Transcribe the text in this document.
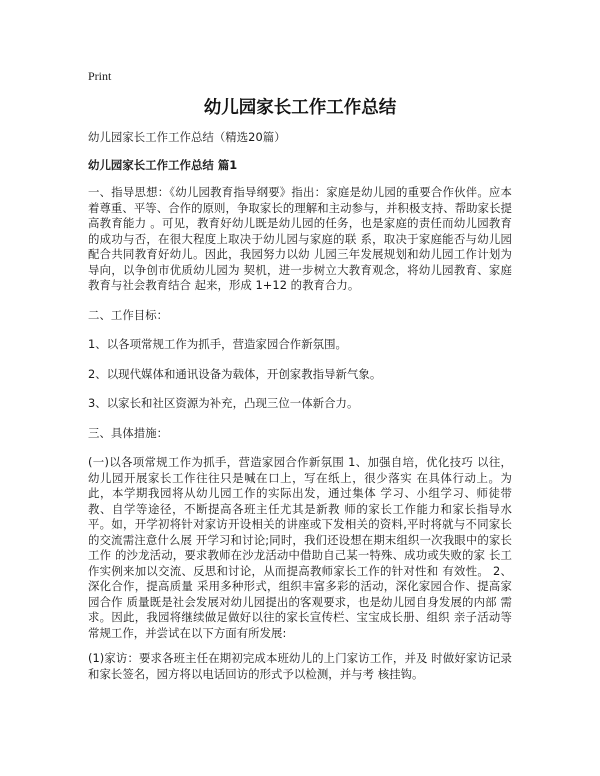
Print
幼儿园家长工作工作总结

幼儿园家长工作工作总结（精选20篇）

幼儿园家长工作工作总结 篇1

一、指导思想：《幼儿园教育指导纲要》指出：家庭是幼儿园的重要合作伙伴。应本 着尊重、平等、合作的原则，争取家长的理解和主动参与，并积极支持、帮助家长提高教育能力 。可见，教育好幼儿既是幼儿园的任务，也是家庭的责任而幼儿园教育的成功与否，在很大程度上取决于幼儿园与家庭的联 系，取决于家庭能否与幼儿园配合共同教育好幼儿。因此，我园努力以幼 儿园三年发展规划和幼儿园工作计划为导向，以争创市优质幼儿园为 契机，进一步树立大教育观念，将幼儿园教育、家庭教育与社会教育结合 起来，形成 1+12 的教育合力。

二、工作目标：

1、以各项常规工作为抓手，营造家园合作新氛围。

2、以现代媒体和通讯设备为载体，开创家教指导新气象。

3、以家长和社区资源为补充，凸现三位一体新合力。

三、具体措施：

(一)以各项常规工作为抓手，营造家园合作新氛围 1、加强自培，优化技巧 以往，幼儿园开展家长工作往往只是喊在口上，写在纸上，很少落实 在具体行动上。为此，本学期我园将从幼儿园工作的实际出发，通过集体 学习、小组学习、师徒带教、自学等途径，不断提高各班主任尤其是新教 师的家长工作能力和家长指导水平。如，开学初将针对家访开设相关的讲座或下发相关的资料,平时将就与不同家长的交流需注意什么展 开学习和讨论;同时，我们还设想在期末组织一次我眼中的家长工作 的沙龙活动，要求教师在沙龙活动中借助自己某一特殊、成功或失败的家 长工作实例来加以交流、反思和讨论，从而提高教师家长工作的针对性和 有效性。 2、深化合作，提高质量 采用多种形式，组织丰富多彩的活动，深化家园合作、提高家园合作 质量既是社会发展对幼儿园提出的客观要求，也是幼儿园自身发展的内部 需求。因此，我园将继续做足做好以往的家长宣传栏、宝宝成长册、组织 亲子活动等常规工作，并尝试在以下方面有所发展:

(1)家访：要求各班主任在期初完成本班幼儿的上门家访工作，并及 时做好家访记录 和家长签名，园方将以电话回访的形式予以检测，并与考 核挂钩。
